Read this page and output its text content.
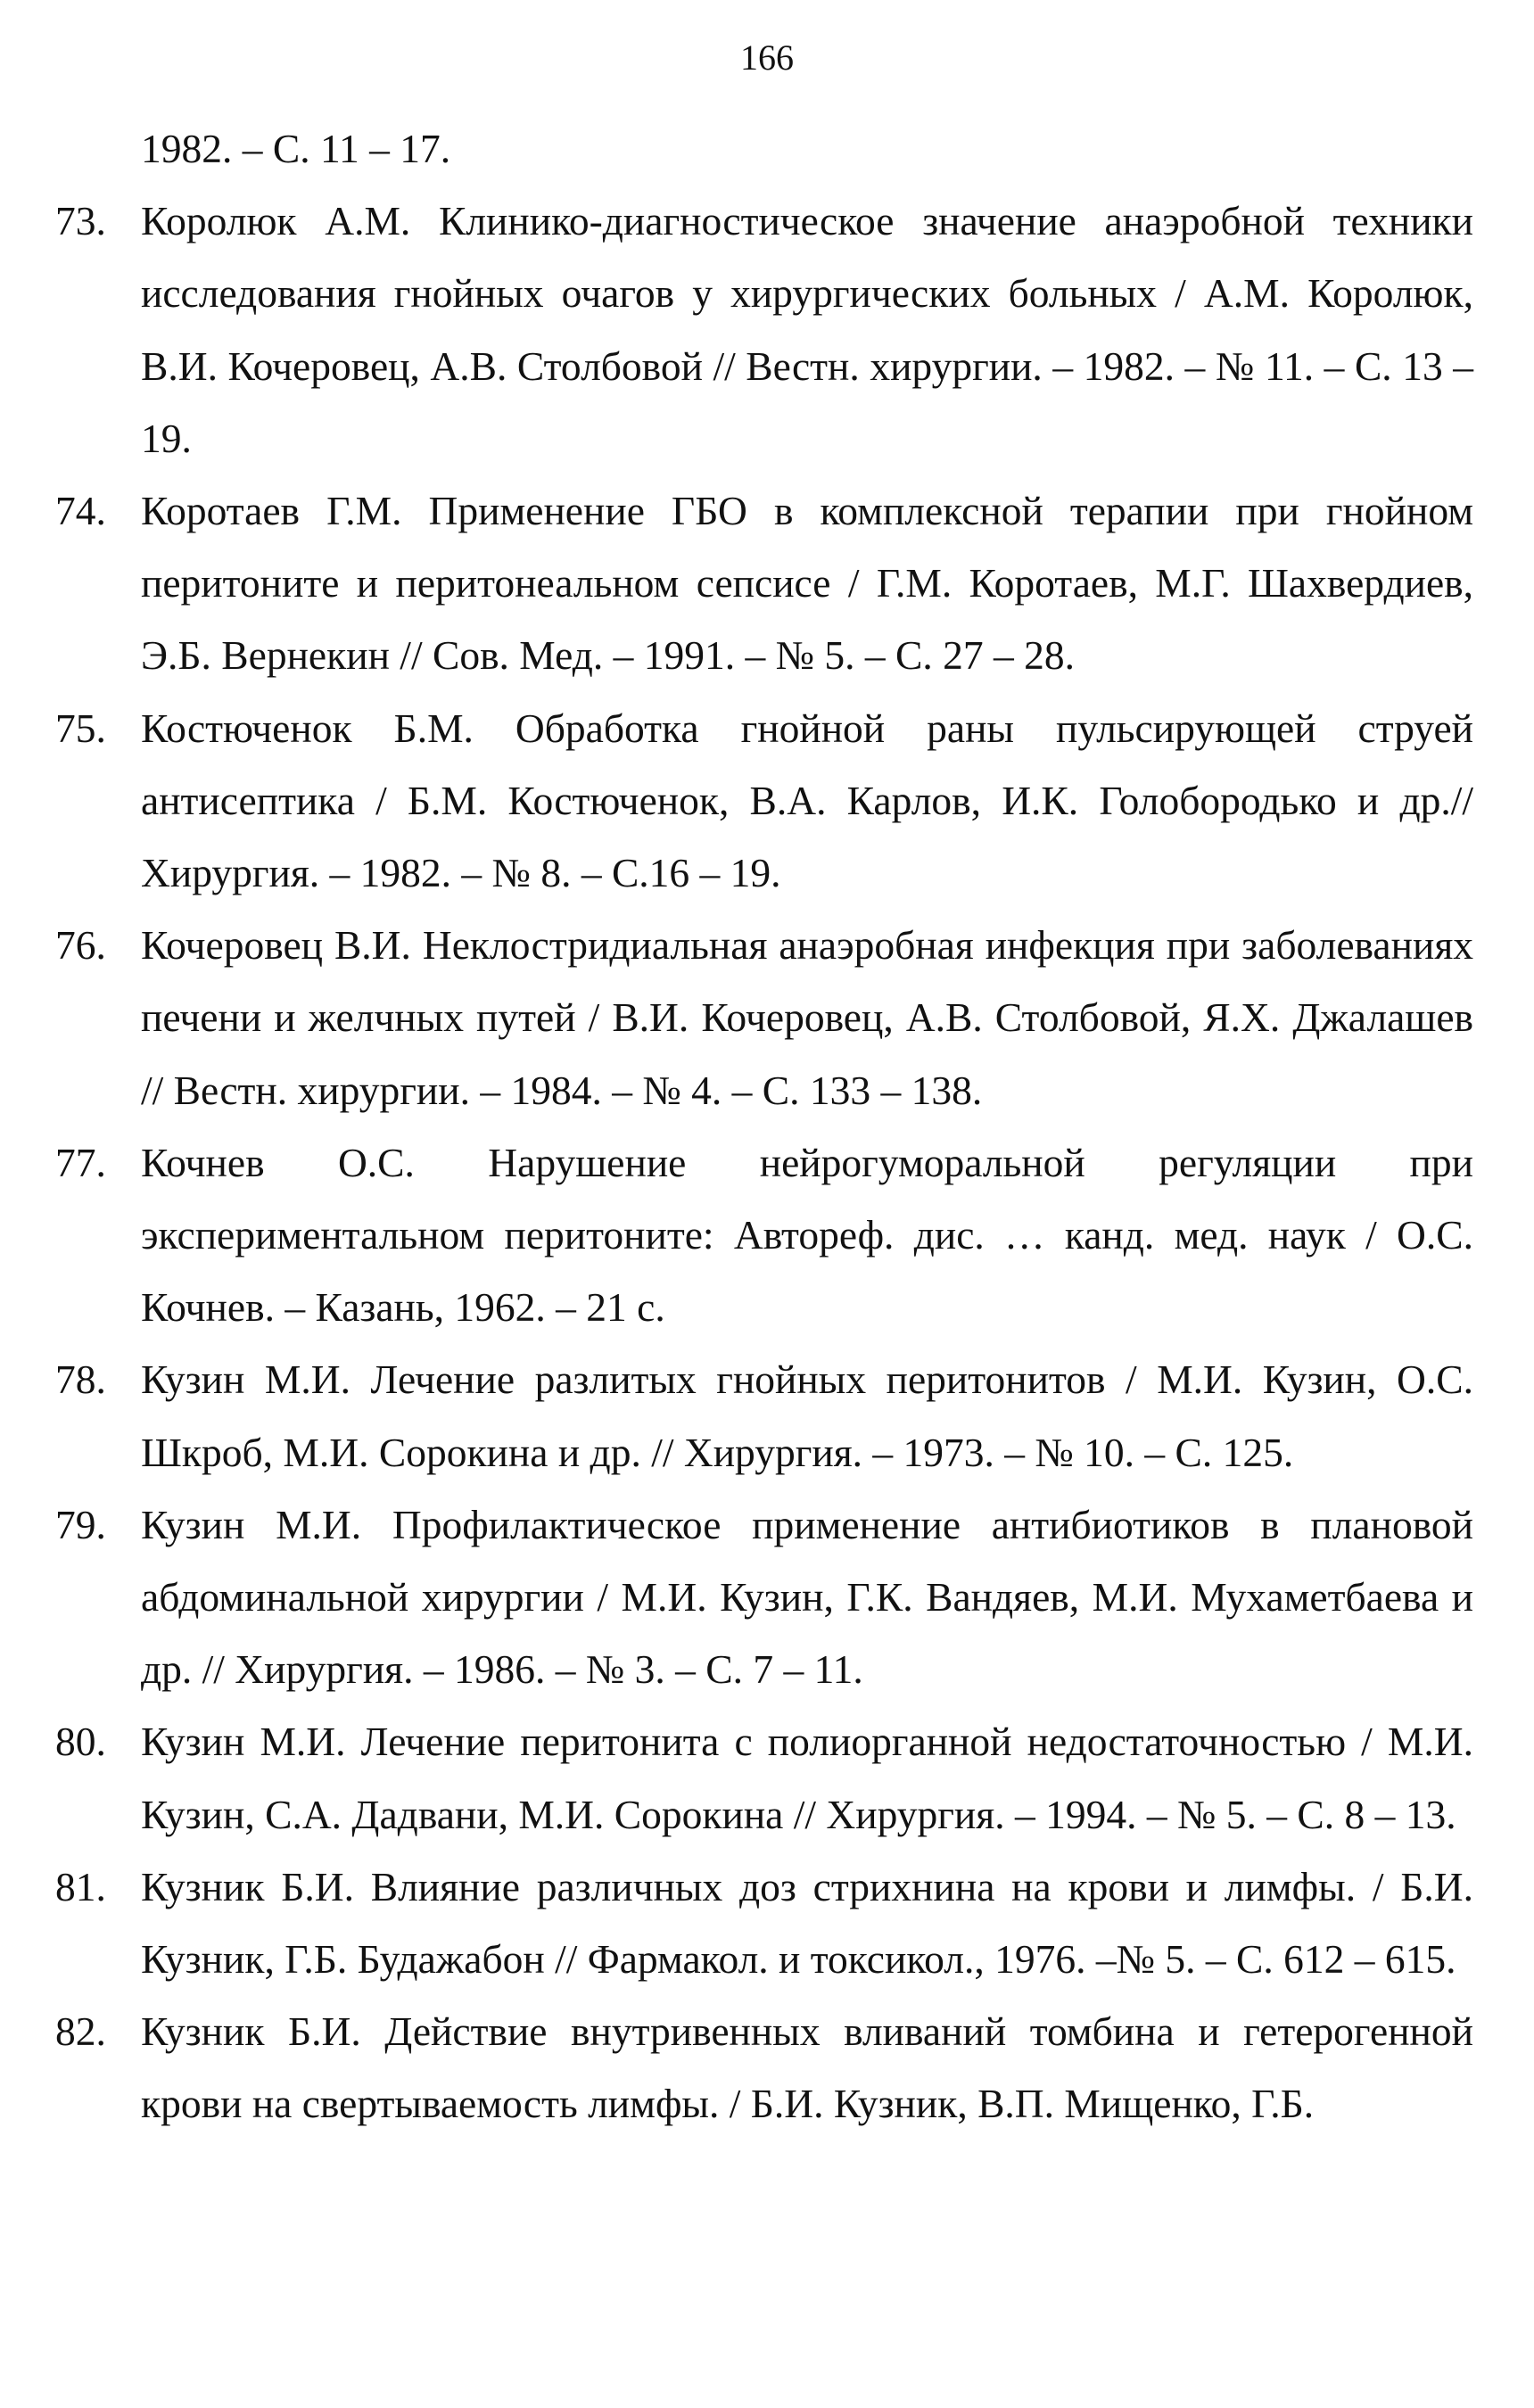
166
1982. – С. 11 – 17.
73. Королюк А.М. Клинико-диагностическое значение анаэробной техники исследования гнойных очагов у хирургических больных / А.М. Королюк, В.И. Кочеровец, А.В. Столбовой // Вестн. хирургии. – 1982. – № 11. – С. 13 – 19.
74. Коротаев Г.М. Применение ГБО в комплексной терапии при гнойном перитоните и перитонеальном сепсисе / Г.М. Коротаев, М.Г. Шахвердиев, Э.Б. Вернекин // Сов. Мед. – 1991. – № 5. – С. 27 – 28.
75. Костюченок Б.М. Обработка гнойной раны пульсирующей струей антисептика / Б.М. Костюченок, В.А. Карлов, И.К. Голобородько и др.// Хирургия. – 1982. – № 8. – С.16 – 19.
76. Кочеровец В.И. Неклостридиальная анаэробная инфекция при заболеваниях печени и желчных путей / В.И. Кочеровец, А.В. Столбовой, Я.Х. Джалашев // Вестн. хирургии. – 1984. – № 4. – С. 133 – 138.
77. Кочнев О.С. Нарушение нейрогуморальной регуляции при экспериментальном перитоните: Автореф. дис. … канд. мед. наук / О.С. Кочнев. – Казань, 1962. – 21 с.
78. Кузин М.И. Лечение разлитых гнойных перитонитов / М.И. Кузин, О.С. Шкроб, М.И. Сорокина и др. // Хирургия. – 1973. – № 10. – С. 125.
79. Кузин М.И. Профилактическое применение антибиотиков в плановой абдоминальной хирургии / М.И. Кузин, Г.К. Вандяев, М.И. Мухаметбаева и др. // Хирургия. – 1986. – № 3. – С. 7 – 11.
80. Кузин М.И. Лечение перитонита с полиорганной недостаточностью / М.И. Кузин, С.А. Дадвани, М.И. Сорокина // Хирургия. – 1994. – № 5. – С. 8 – 13.
81. Кузник Б.И. Влияние различных доз стрихнина на крови и лимфы. / Б.И. Кузник, Г.Б. Будажабон // Фармакол. и токсикол., 1976. –№ 5. – С. 612 – 615.
82. Кузник Б.И. Действие внутривенных вливаний томбина и гетерогенной крови на свертываемость лимфы. / Б.И. Кузник, В.П. Мищенко, Г.Б.
